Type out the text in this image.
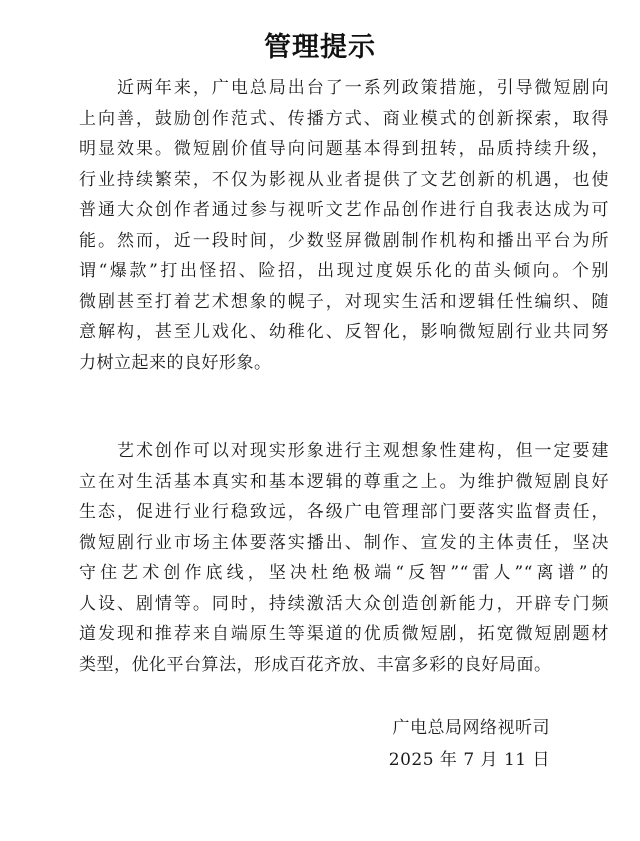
管理提示

　　近两年来，广电总局出台了一系列政策措施，引导微短剧向
上向善，鼓励创作范式、传播方式、商业模式的创新探索，取得
明显效果。微短剧价值导向问题基本得到扭转，品质持续升级，
行业持续繁荣，不仅为影视从业者提供了文艺创新的机遇，也使
普通大众创作者通过参与视听文艺作品创作进行自我表达成为可
能。然而，近一段时间，少数竖屏微剧制作机构和播出平台为所
谓“爆款”打出怪招、险招，出现过度娱乐化的苗头倾向。个别
微剧甚至打着艺术想象的幌子，对现实生活和逻辑任性编织、随
意解构，甚至儿戏化、幼稚化、反智化，影响微短剧行业共同努
力树立起来的良好形象。

　　艺术创作可以对现实形象进行主观想象性建构，但一定要建
立在对生活基本真实和基本逻辑的尊重之上。为维护微短剧良好
生态，促进行业行稳致远，各级广电管理部门要落实监督责任，
微短剧行业市场主体要落实播出、制作、宣发的主体责任，坚决
守住艺术创作底线，坚决杜绝极端“反智”“雷人”“离谱”的
人设、剧情等。同时，持续激活大众创造创新能力，开辟专门频
道发现和推荐来自端原生等渠道的优质微短剧，拓宽微短剧题材
类型，优化平台算法，形成百花齐放、丰富多彩的良好局面。

广电总局网络视听司
2025 年 7 月 11 日
